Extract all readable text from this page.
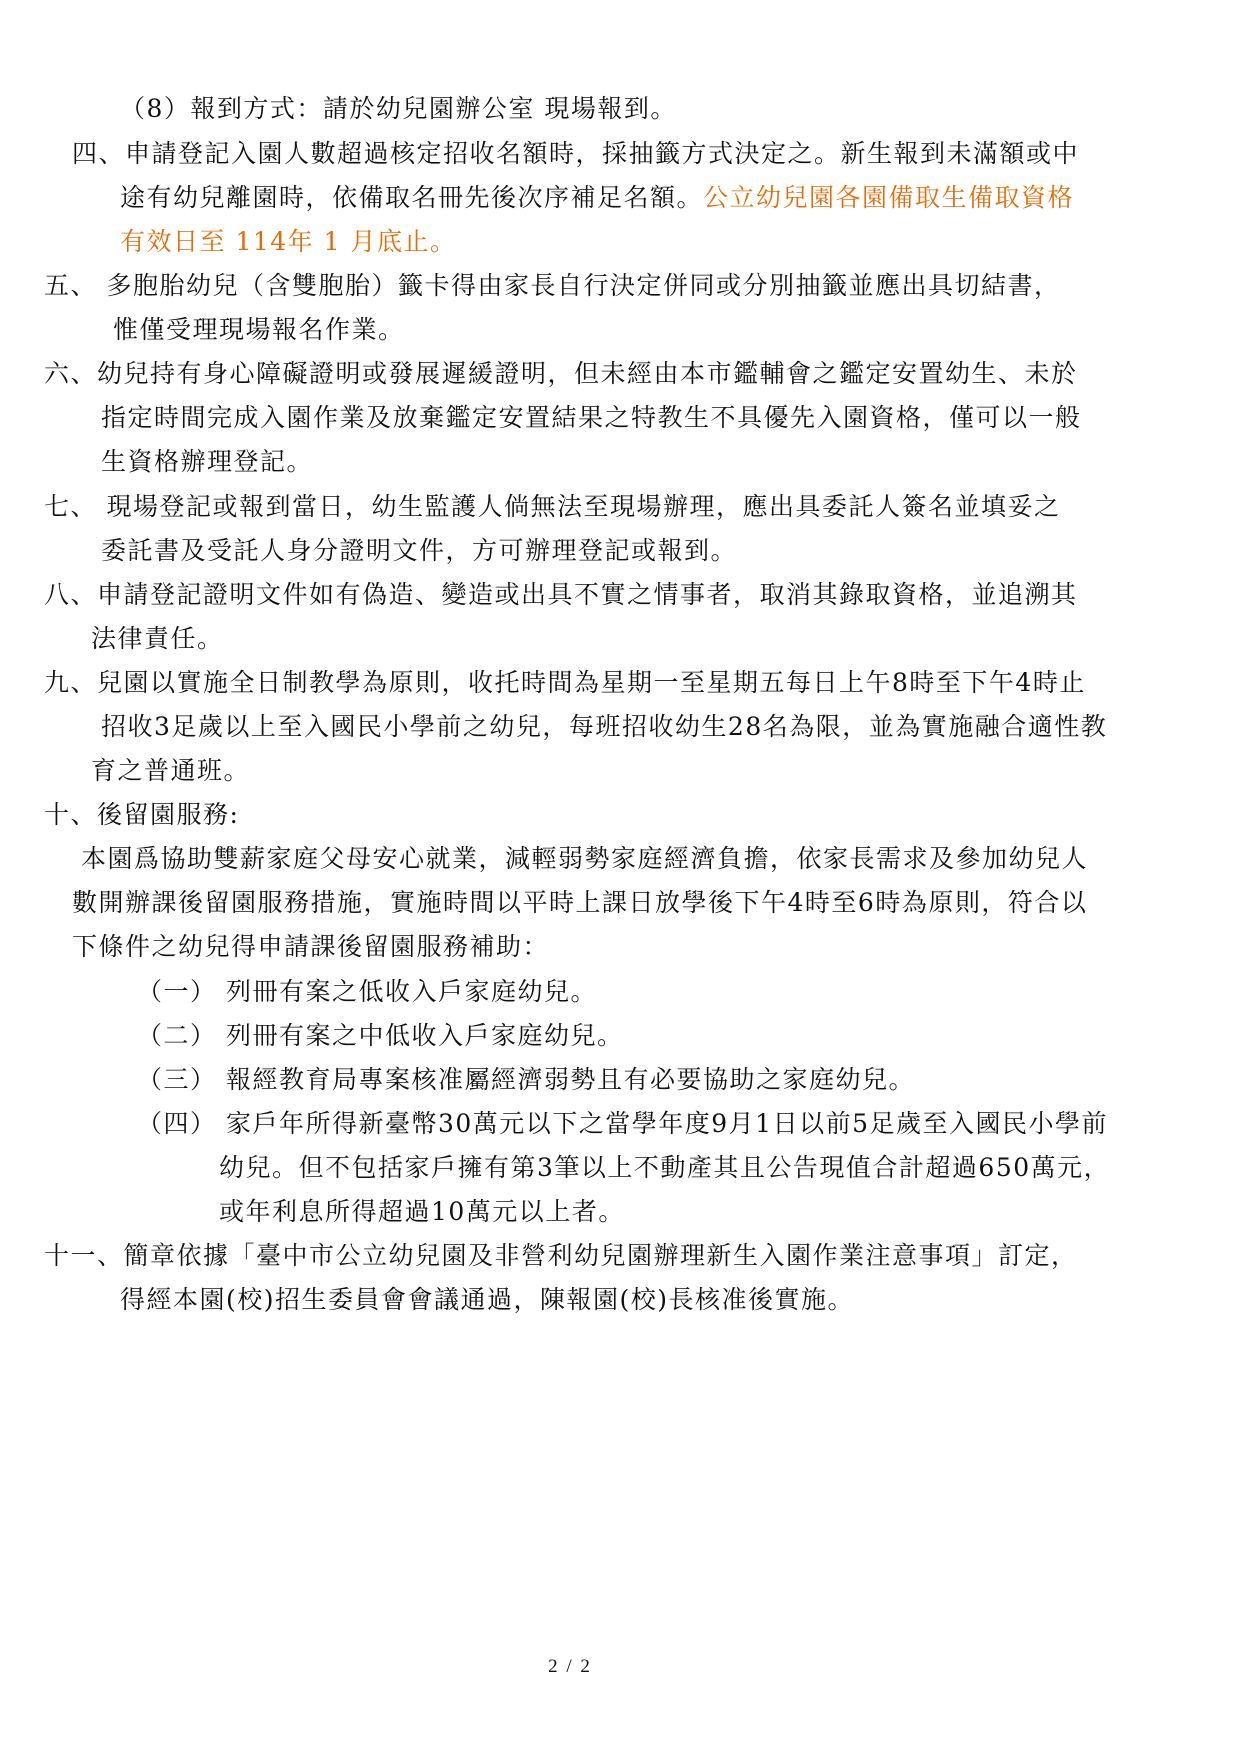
（8）報到方式：請於幼兒園辦公室 現場報到。
四、申請登記入園人數超過核定招收名額時，採抽籤方式決定之。新生報到未滿額或中
途有幼兒離園時，依備取名冊先後次序補足名額。公立幼兒園各園備取生備取資格
有效日至 114年 1 月底止。
五、 多胞胎幼兒（含雙胞胎）籤卡得由家長自行決定併同或分別抽籤並應出具切結書，
惟僅受理現場報名作業。
六、幼兒持有身心障礙證明或發展遲緩證明，但未經由本市鑑輔會之鑑定安置幼生、未於
指定時間完成入園作業及放棄鑑定安置結果之特教生不具優先入園資格，僅可以一般
生資格辦理登記。
七、 現場登記或報到當日，幼生監護人倘無法至現場辦理，應出具委託人簽名並填妥之
委託書及受託人身分證明文件，方可辦理登記或報到。
八、申請登記證明文件如有偽造、變造或出具不實之情事者，取消其錄取資格，並追溯其
法律責任。
九、兒園以實施全日制教學為原則，收托時間為星期一至星期五每日上午8時至下午4時止
招收3足歲以上至入國民小學前之幼兒，每班招收幼生28名為限，並為實施融合適性教
育之普通班。
十、後留園服務:
本園爲協助雙薪家庭父母安心就業，減輕弱勢家庭經濟負擔，依家長需求及參加幼兒人
數開辦課後留園服務措施，實施時間以平時上課日放學後下午4時至6時為原則，符合以
下條件之幼兒得申請課後留園服務補助：
（一） 列冊有案之低收入戶家庭幼兒。
（二） 列冊有案之中低收入戶家庭幼兒。
（三） 報經教育局專案核准屬經濟弱勢且有必要協助之家庭幼兒。
（四） 家戶年所得新臺幣30萬元以下之當學年度9月1日以前5足歲至入國民小學前
幼兒。但不包括家戶擁有第3筆以上不動產其且公告現值合計超過650萬元，
或年利息所得超過10萬元以上者。
十一、簡章依據「臺中市公立幼兒園及非營利幼兒園辦理新生入園作業注意事項」訂定，
得經本園(校)招生委員會會議通過，陳報園(校)長核准後實施。
2 / 2
